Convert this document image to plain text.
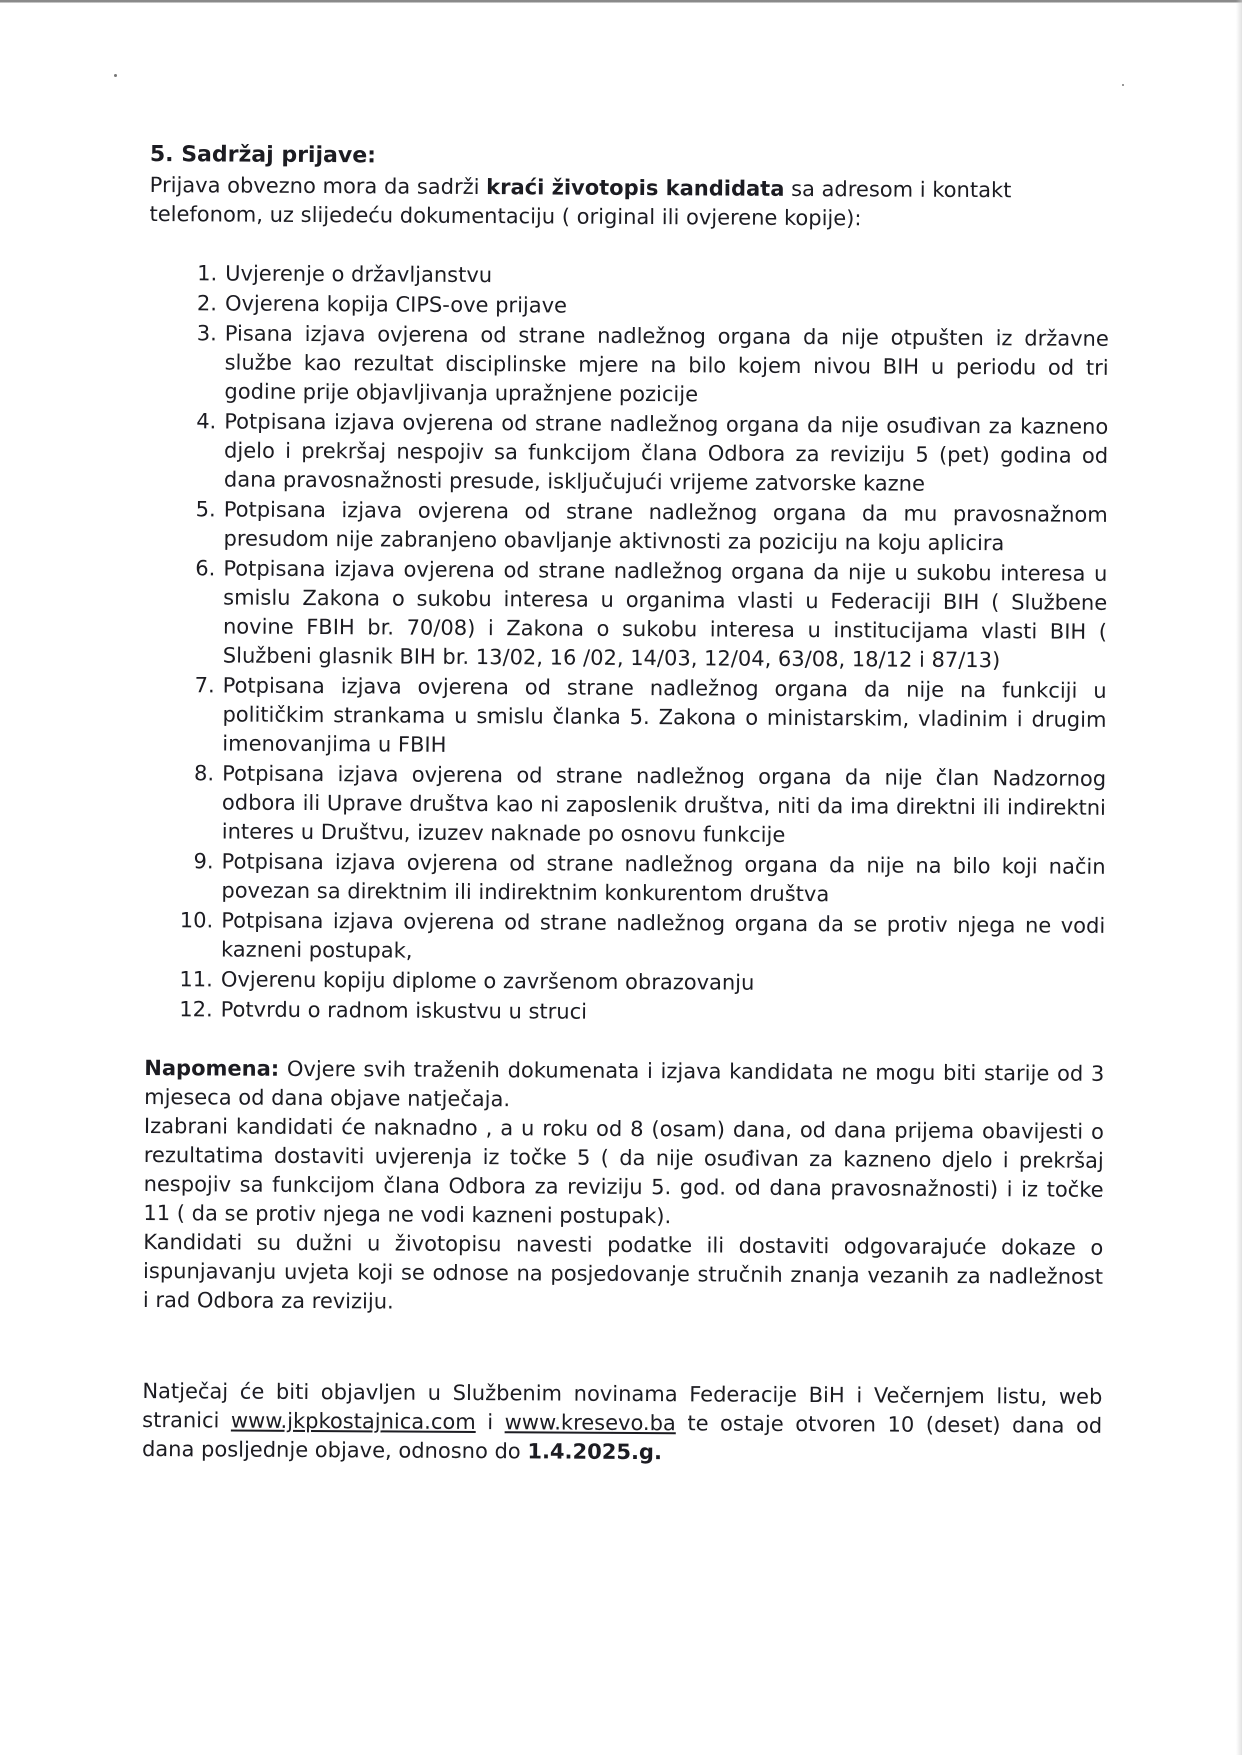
5. Sadržaj prijave:

Prijava obvezno mora da sadrži kraći životopis kandidata sa adresom i kontakt telefonom, uz slijedeću dokumentaciju ( original ili ovjerene kopije):

1. Uvjerenje o državljanstvu
2. Ovjerena kopija CIPS-ove prijave
3. Pisana izjava ovjerena od strane nadležnog organa da nije otpušten iz državne službe kao rezultat disciplinske mjere na bilo kojem nivou BIH u periodu od tri godine prije objavljivanja upražnjene pozicije
4. Potpisana izjava ovjerena od strane nadležnog organa da nije osuđivan za kazneno djelo i prekršaj nespojiv sa funkcijom člana Odbora za reviziju 5 (pet) godina od dana pravosnažnosti presude, isključujući vrijeme zatvorske kazne
5. Potpisana izjava ovjerena od strane nadležnog organa da mu pravosnažnom presudom nije zabranjeno obavljanje aktivnosti za poziciju na koju aplicira
6. Potpisana izjava ovjerena od strane nadležnog organa da nije u sukobu interesa u smislu Zakona o sukobu interesa u organima vlasti u Federaciji BIH ( Službene novine FBIH br. 70/08) i Zakona o sukobu interesa u institucijama vlasti BIH ( Službeni glasnik BIH br. 13/02, 16 /02, 14/03, 12/04, 63/08, 18/12 i 87/13)
7. Potpisana izjava ovjerena od strane nadležnog organa da nije na funkciji u političkim strankama u smislu članka 5. Zakona o ministarskim, vladinim i drugim imenovanjima u FBIH
8. Potpisana izjava ovjerena od strane nadležnog organa da nije član Nadzornog odbora ili Uprave društva kao ni zaposlenik društva, niti da ima direktni ili indirektni interes u Društvu, izuzev naknade po osnovu funkcije
9. Potpisana izjava ovjerena od strane nadležnog organa da nije na bilo koji način povezan sa direktnim ili indirektnim konkurentom društva
10. Potpisana izjava ovjerena od strane nadležnog organa da se protiv njega ne vodi kazneni postupak,
11. Ovjerenu kopiju diplome o završenom obrazovanju
12. Potvrdu o radnom iskustvu u struci

Napomena: Ovjere svih traženih dokumenata i izjava kandidata ne mogu biti starije od 3 mjeseca od dana objave natječaja.

Izabrani kandidati će naknadno , a u roku od 8 (osam) dana, od dana prijema obavijesti o rezultatima dostaviti uvjerenja iz točke 5 ( da nije osuđivan za kazneno djelo i prekršaj nespojiv sa funkcijom člana Odbora za reviziju 5. god. od dana pravosnažnosti) i iz točke 11 ( da se protiv njega ne vodi kazneni postupak).

Kandidati su dužni u životopisu navesti podatke ili dostaviti odgovarajuće dokaze o ispunjavanju uvjeta koji se odnose na posjedovanje stručnih znanja vezanih za nadležnost i rad Odbora za reviziju.

Natječaj će biti objavljen u Službenim novinama Federacije BiH i Večernjem listu, web stranici www.jkpkostajnica.com i www.kresevo.ba te ostaje otvoren 10 (deset) dana od dana posljednje objave, odnosno do 1.4.2025.g.
